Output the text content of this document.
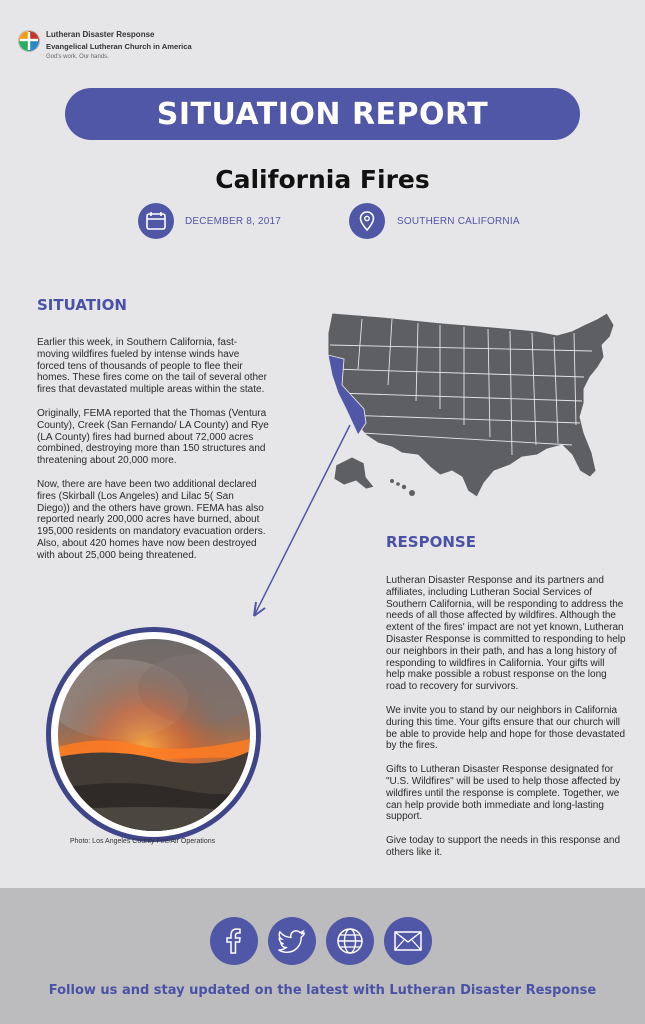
Lutheran Disaster Response
Evangelical Lutheran Church in America
God's work. Our hands.
SITUATION REPORT
California Fires
DECEMBER 8, 2017	SOUTHERN CALIFORNIA
SITUATION

Earlier this week, in Southern California, fast-moving wildfires fueled by intense winds have forced tens of thousands of people to flee their homes. These fires come on the tail of several other fires that devastated multiple areas within the state.

Originally, FEMA reported that the Thomas (Ventura County), Creek (San Fernando/ LA County) and Rye (LA County) fires had burned about 72,000 acres combined, destroying more than 150 structures and threatening about 20,000 more.

Now, there are have been two additional declared fires (Skirball (Los Angeles) and Lilac 5( San Diego)) and the others have grown. FEMA has also reported nearly 200,000 acres have burned, about 195,000 residents on mandatory evacuation orders. Also, about 420 homes have now been destroyed with about 25,000 being threatened.

RESPONSE

Lutheran Disaster Response and its partners and affiliates, including Lutheran Social Services of Southern California, will be responding to address the needs of all those affected by wildfires. Although the extent of the fires' impact are not yet known, Lutheran Disaster Response is committed to responding to help our neighbors in their path, and has a long history of responding to wildfires in California. Your gifts will help make possible a robust response on the long road to recovery for survivors.

We invite you to stand by our neighbors in California during this time. Your gifts ensure that our church will be able to provide help and hope for those devastated by the fires.

Gifts to Lutheran Disaster Response designated for "U.S. Wildfires" will be used to help those affected by wildfires until the response is complete. Together, we can help provide both immediate and long-lasting support.

Give today to support the needs in this response and others like it.

Photo: Los Angeles County Fire/Air Operations
Follow us and stay updated on the latest with Lutheran Disaster Response
